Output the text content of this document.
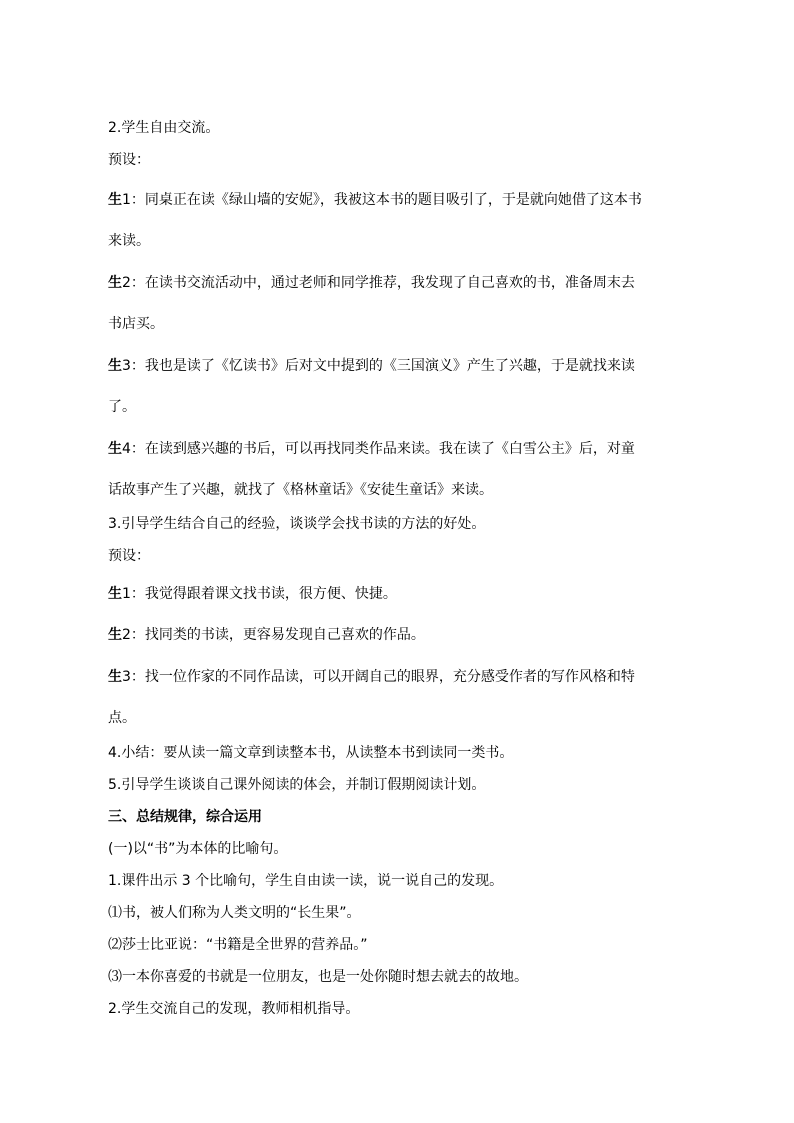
2.学生自由交流。
预设：
生1：同桌正在读《绿山墙的安妮》，我被这本书的题目吸引了，于是就向她借了这本书
来读。
生2：在读书交流活动中，通过老师和同学推荐，我发现了自己喜欢的书，准备周末去
书店买。
生3：我也是读了《忆读书》后对文中提到的《三国演义》产生了兴趣，于是就找来读
了。
生4：在读到感兴趣的书后，可以再找同类作品来读。我在读了《白雪公主》后，对童
话故事产生了兴趣，就找了《格林童话》《安徒生童话》来读。
3.引导学生结合自己的经验，谈谈学会找书读的方法的好处。
预设：
生1：我觉得跟着课文找书读，很方便、快捷。
生2：找同类的书读，更容易发现自己喜欢的作品。
生3：找一位作家的不同作品读，可以开阔自己的眼界，充分感受作者的写作风格和特
点。
4.小结：要从读一篇文章到读整本书，从读整本书到读同一类书。
5.引导学生谈谈自己课外阅读的体会，并制订假期阅读计划。
三、总结规律，综合运用
(一)以“书”为本体的比喻句。
1.课件出示 3 个比喻句，学生自由读一读，说一说自己的发现。
⑴书，被人们称为人类文明的“长生果”。
⑵莎士比亚说：“书籍是全世界的营养品。”
⑶一本你喜爱的书就是一位朋友，也是一处你随时想去就去的故地。
2.学生交流自己的发现，教师相机指导。
